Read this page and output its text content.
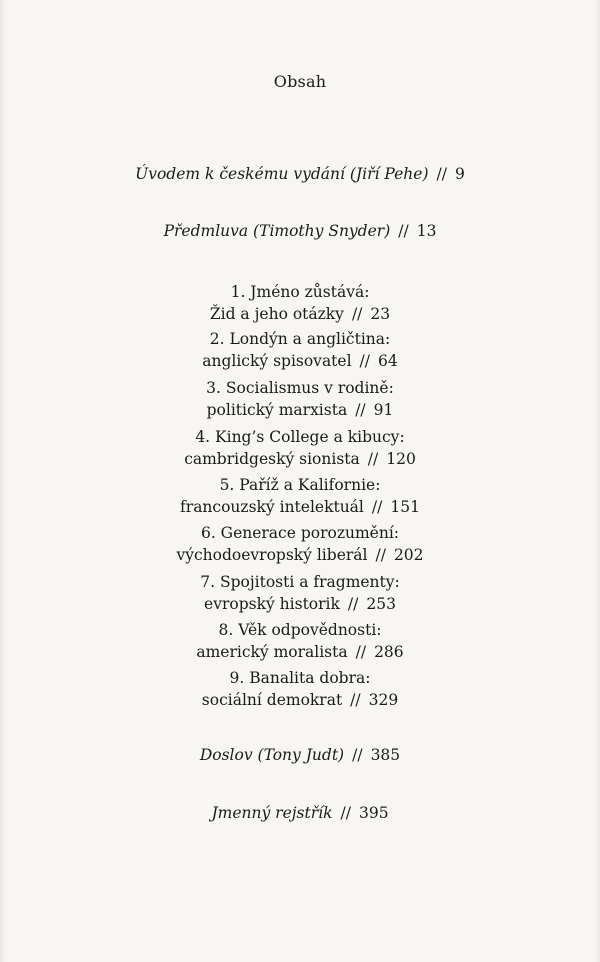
Obsah
Úvodem k českému vydání (Jiří Pehe) // 9
Předmluva (Timothy Snyder) // 13
1. Jméno zůstává:
Žid a jeho otázky // 23
2. Londýn a angličtina:
anglický spisovatel // 64
3. Socialismus v rodině:
politický marxista // 91
4. King’s College a kibucy:
cambridgeský sionista // 120
5. Paříž a Kalifornie:
francouzský intelektuál // 151
6. Generace porozumění:
východoevropský liberál // 202
7. Spojitosti a fragmenty:
evropský historik // 253
8. Věk odpovědnosti:
americký moralista // 286
9. Banalita dobra:
sociální demokrat // 329
Doslov (Tony Judt) // 385
Jmenný rejstřík // 395
